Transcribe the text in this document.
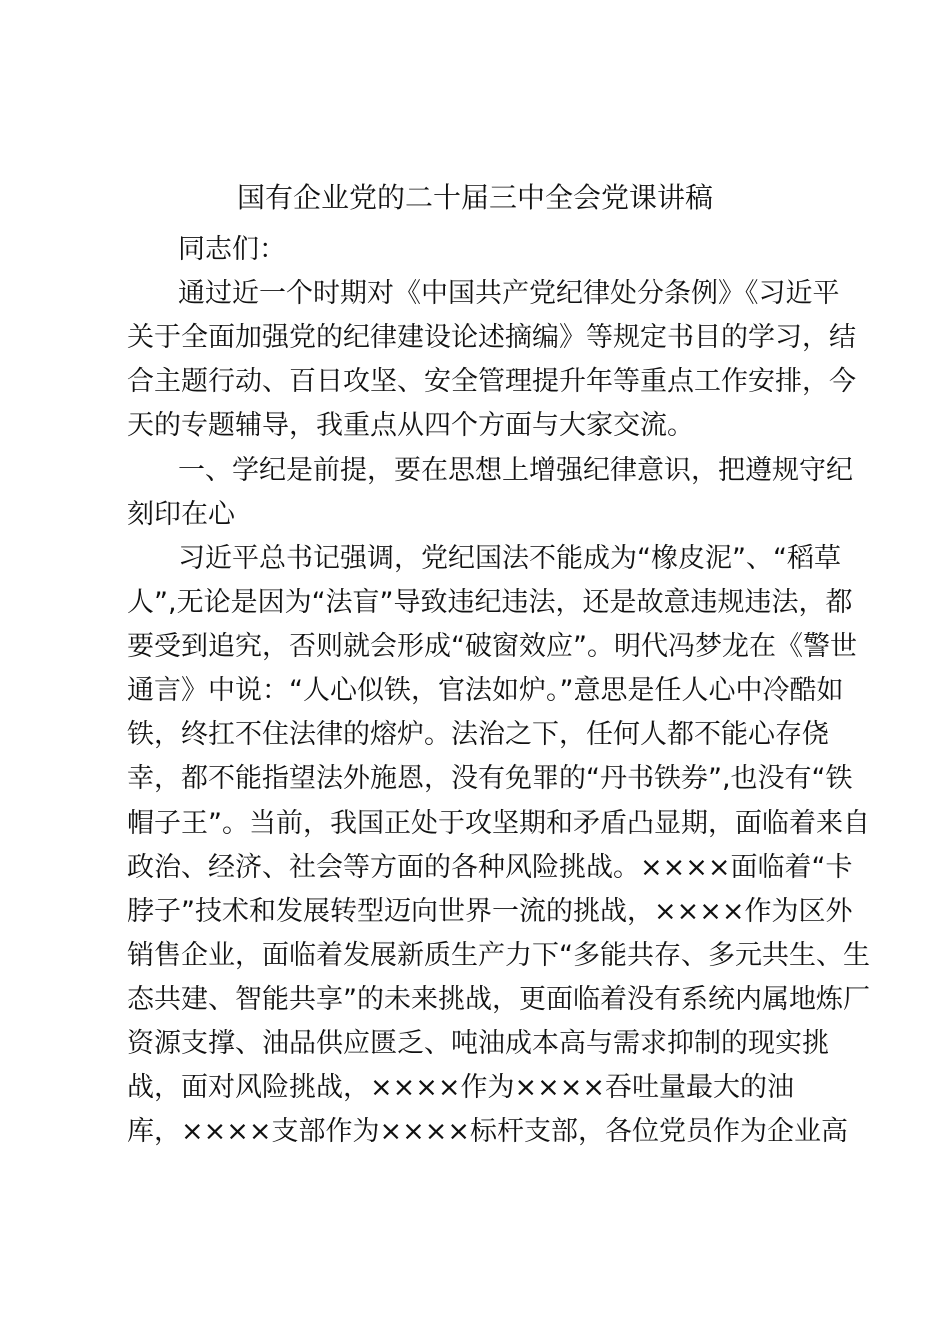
国有企业党的二十届三中全会党课讲稿
同志们：
通过近一个时期对《中国共产党纪律处分条例》《习近平
关于全面加强党的纪律建设论述摘编》等规定书目的学习，结
合主题行动、百日攻坚、安全管理提升年等重点工作安排，今
天的专题辅导，我重点从四个方面与大家交流。
一、学纪是前提，要在思想上增强纪律意识，把遵规守纪
刻印在心
习近平总书记强调，党纪国法不能成为“橡皮泥”、“稻草
人”,无论是因为“法盲”导致违纪违法，还是故意违规违法，都
要受到追究，否则就会形成“破窗效应”。明代冯梦龙在《警世
通言》中说：“人心似铁，官法如炉。”意思是任人心中冷酷如
铁，终扛不住法律的熔炉。法治之下，任何人都不能心存侥
幸，都不能指望法外施恩，没有免罪的“丹书铁券”,也没有“铁
帽子王”。当前，我国正处于攻坚期和矛盾凸显期，面临着来自
政治、经济、社会等方面的各种风险挑战。××××面临着“卡
脖子”技术和发展转型迈向世界一流的挑战，××××作为区外
销售企业，面临着发展新质生产力下“多能共存、多元共生、生
态共建、智能共享”的未来挑战，更面临着没有系统内属地炼厂
资源支撑、油品供应匮乏、吨油成本高与需求抑制的现实挑
战，面对风险挑战，××××作为××××吞吐量最大的油
库，××××支部作为××××标杆支部，各位党员作为企业高
